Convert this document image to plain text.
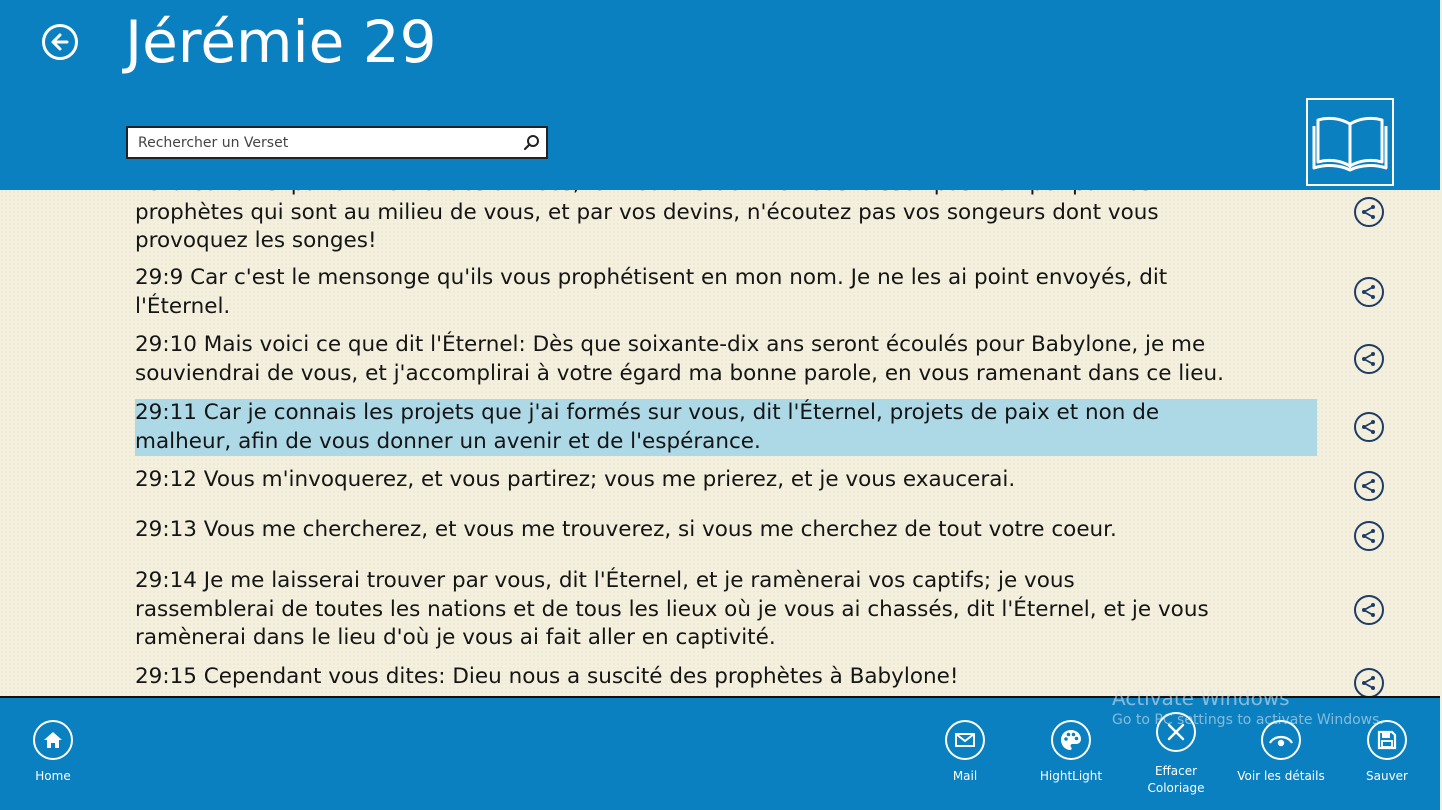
Jérémie 29
Rechercher un Verset

prophètes qui sont au milieu de vous, et par vos devins, n'écoutez pas vos songeurs dont vous
provoquez les songes!
29:9 Car c'est le mensonge qu'ils vous prophétisent en mon nom. Je ne les ai point envoyés, dit
l'Éternel.
29:10 Mais voici ce que dit l'Éternel: Dès que soixante-dix ans seront écoulés pour Babylone, je me
souviendrai de vous, et j'accomplirai à votre égard ma bonne parole, en vous ramenant dans ce lieu.
29:11 Car je connais les projets que j'ai formés sur vous, dit l'Éternel, projets de paix et non de
malheur, afin de vous donner un avenir et de l'espérance.
29:12 Vous m'invoquerez, et vous partirez; vous me prierez, et je vous exaucerai.
29:13 Vous me chercherez, et vous me trouverez, si vous me cherchez de tout votre coeur.
29:14 Je me laisserai trouver par vous, dit l'Éternel, et je ramènerai vos captifs; je vous
rassemblerai de toutes les nations et de tous les lieux où je vous ai chassés, dit l'Éternel, et je vous
ramènerai dans le lieu d'où je vous ai fait aller en captivité.
29:15 Cependant vous dites: Dieu nous a suscité des prophètes à Babylone!
Home	Mail	HightLight	Effacer
Coloriage
Voir les détails	Sauver
Activate Windows
Go to PC settings to activate Windows.
